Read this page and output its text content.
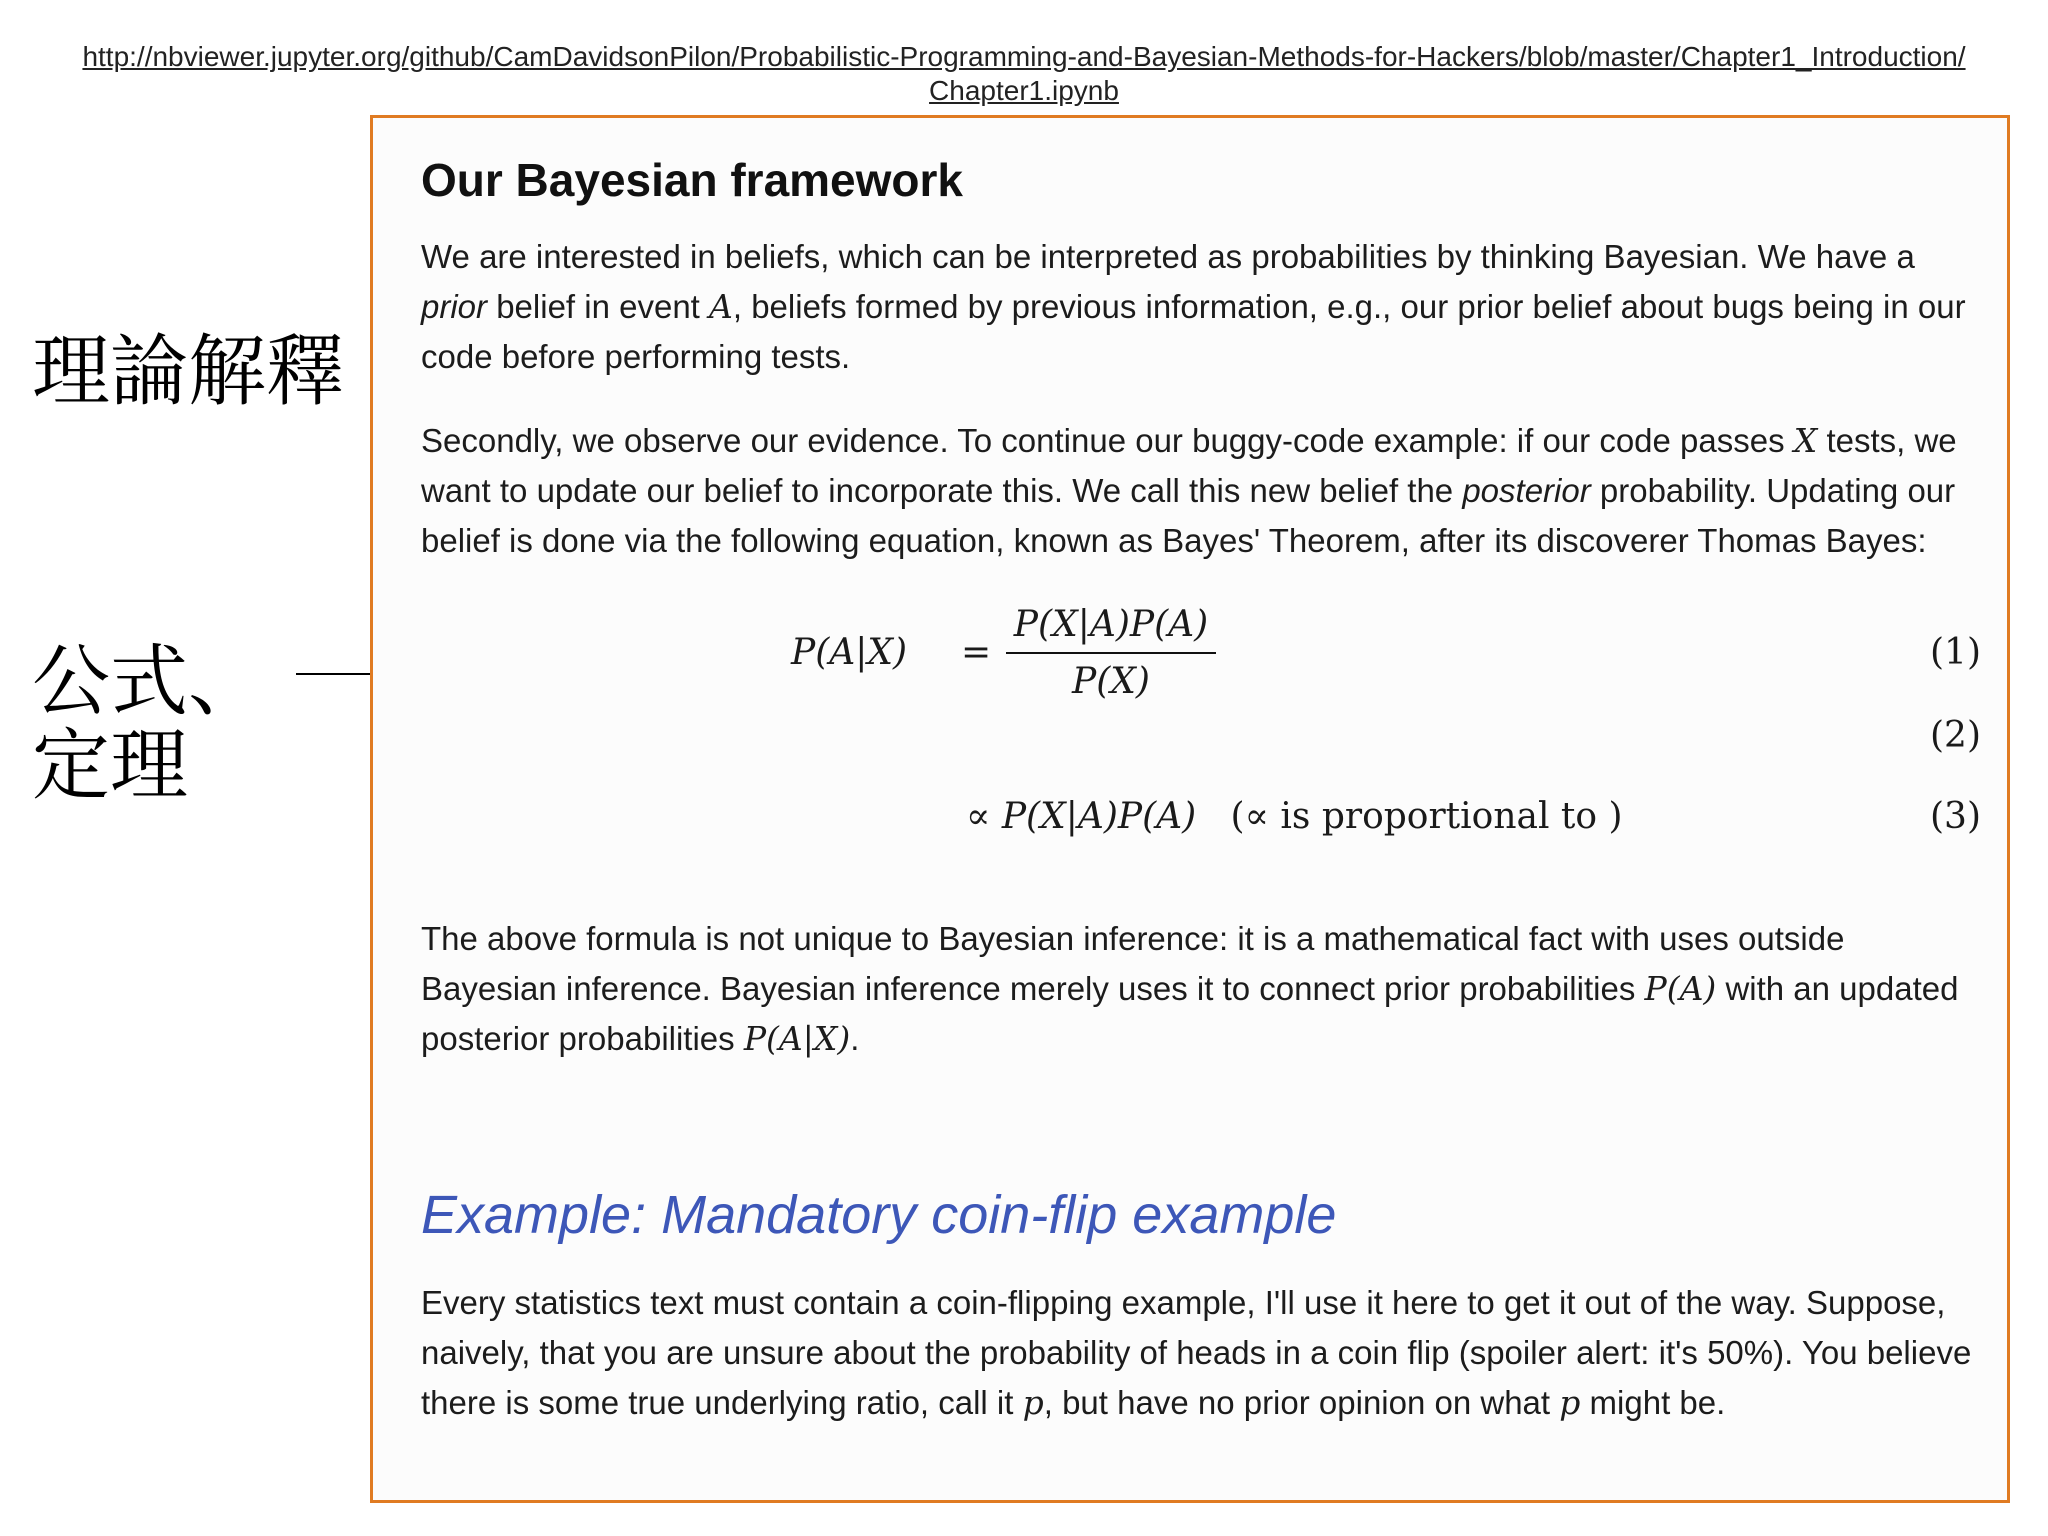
http://nbviewer.jupyter.org/github/CamDavidsonPilon/Probabilistic-Programming-and-Bayesian-Methods-for-Hackers/blob/master/Chapter1_Introduction/
Chapter1.ipynb
理論解釋
公式、
定理
Our Bayesian framework

We are interested in beliefs, which can be interpreted as probabilities by thinking Bayesian. We have a prior belief in event A, beliefs formed by previous information, e.g., our prior belief about bugs being in our code before performing tests.

Secondly, we observe our evidence. To continue our buggy-code example: if our code passes X tests, we want to update our belief to incorporate this. We call this new belief the posterior probability. Updating our belief is done via the following equation, known as Bayes' Theorem, after its discoverer Thomas Bayes:

P(A|X) =
P(X|A)P(A)
P(X)
(1)
(2)
∝ P(X|A)P(A)   (∝ is proportional to )	(3)

The above formula is not unique to Bayesian inference: it is a mathematical fact with uses outside Bayesian inference. Bayesian inference merely uses it to connect prior probabilities P(A) with an updated posterior probabilities P(A|X).

Example: Mandatory coin-flip example

Every statistics text must contain a coin-flipping example, I'll use it here to get it out of the way. Suppose, naively, that you are unsure about the probability of heads in a coin flip (spoiler alert: it's 50%). You believe there is some true underlying ratio, call it p, but have no prior opinion on what p might be.
